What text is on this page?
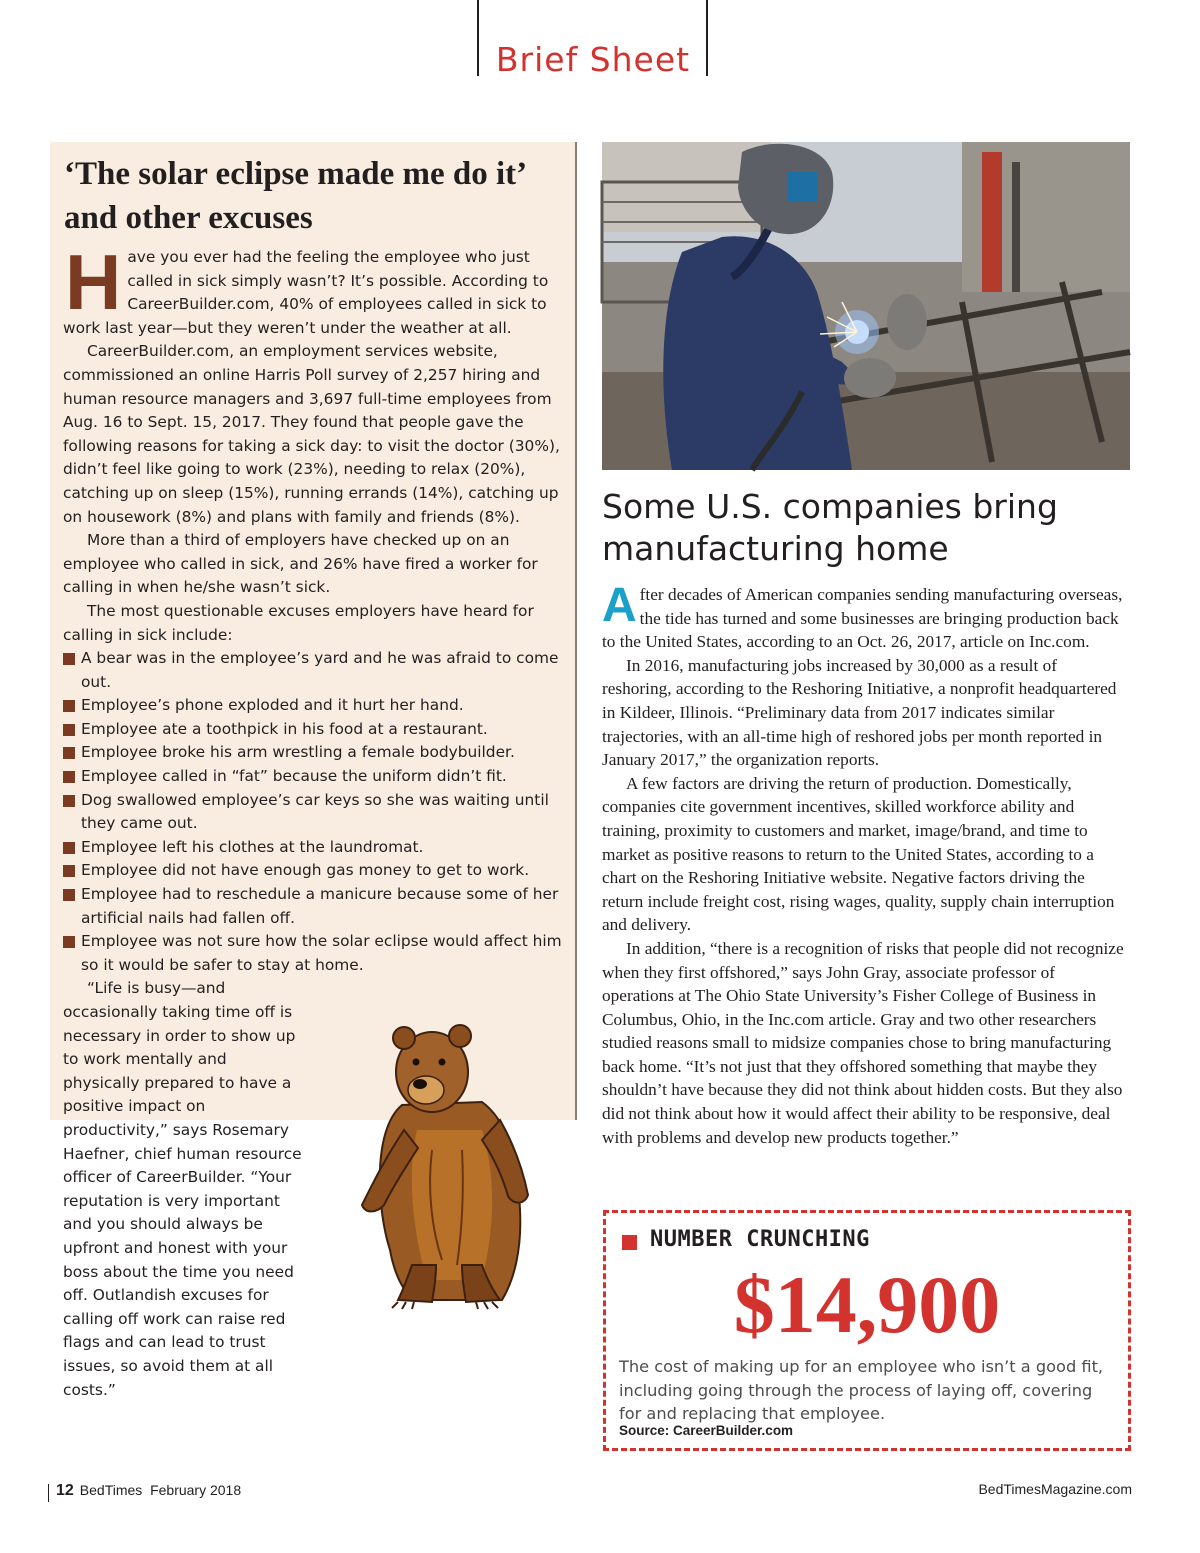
Brief Sheet
‘The solar eclipse made me do it’ and other excuses

Have you ever had the feeling the employee who just called in sick simply wasn’t? It’s possible. According to CareerBuilder.com, 40% of employees called in sick to work last year—but they weren’t under the weather at all.

CareerBuilder.com, an employment services website, commissioned an online Harris Poll survey of 2,257 hiring and human resource managers and 3,697 full-time employees from Aug. 16 to Sept. 15, 2017. They found that people gave the following reasons for taking a sick day: to visit the doctor (30%), didn’t feel like going to work (23%), needing to relax (20%), catching up on sleep (15%), running errands (14%), catching up on housework (8%) and plans with family and friends (8%).

More than a third of employers have checked up on an employee who called in sick, and 26% have fired a worker for calling in when he/she wasn’t sick.

The most questionable excuses employers have heard for calling in sick include:

A bear was in the employee’s yard and he was afraid to come out.
Employee’s phone exploded and it hurt her hand.
Employee ate a toothpick in his food at a restaurant.
Employee broke his arm wrestling a female bodybuilder.
Employee called in “fat” because the uniform didn’t fit.
Dog swallowed employee’s car keys so she was waiting until they came out.
Employee left his clothes at the laundromat.
Employee did not have enough gas money to get to work.
Employee had to reschedule a manicure because some of her artificial nails had fallen off.
Employee was not sure how the solar eclipse would affect him so it would be safer to stay at home.

“Life is busy—and occasionally taking time off is necessary in order to show up to work mentally and physically prepared to have a positive impact on productivity,” says Rosemary Haefner, chief human resource officer of CareerBuilder. “Your reputation is very important and you should always be upfront and honest with your boss about the time you need off. Outlandish excuses for calling off work can raise red flags and can lead to trust issues, so avoid them at all costs.”

Some U.S. companies bring manufacturing home

After decades of American companies sending manufacturing overseas, the tide has turned and some businesses are bringing production back to the United States, according to an Oct. 26, 2017, article on Inc.com.

In 2016, manufacturing jobs increased by 30,000 as a result of reshoring, according to the Reshoring Initiative, a nonprofit headquartered in Kildeer, Illinois. “Preliminary data from 2017 indicates similar trajectories, with an all-time high of reshored jobs per month reported in January 2017,” the organization reports.

A few factors are driving the return of production. Domestically, companies cite government incentives, skilled workforce ability and training, proximity to customers and market, image/brand, and time to market as positive reasons to return to the United States, according to a chart on the Reshoring Initiative website. Negative factors driving the return include freight cost, rising wages, quality, supply chain interruption and delivery.

In addition, “there is a recognition of risks that people did not recognize when they first offshored,” says John Gray, associate professor of operations at The Ohio State University’s Fisher College of Business in Columbus, Ohio, in the Inc.com article. Gray and two other researchers studied reasons small to midsize companies chose to bring manufacturing back home. “It’s not just that they offshored something that maybe they shouldn’t have because they did not think about hidden costs. But they also did not think about how it would affect their ability to be responsive, deal with problems and develop new products together.”

NUMBER CRUNCHING
$14,900
The cost of making up for an employee who isn’t a good fit, including going through the process of laying off, covering for and replacing that employee.
Source: CareerBuilder.com
12 BedTimes  February 2018	BedTimesMagazine.com
